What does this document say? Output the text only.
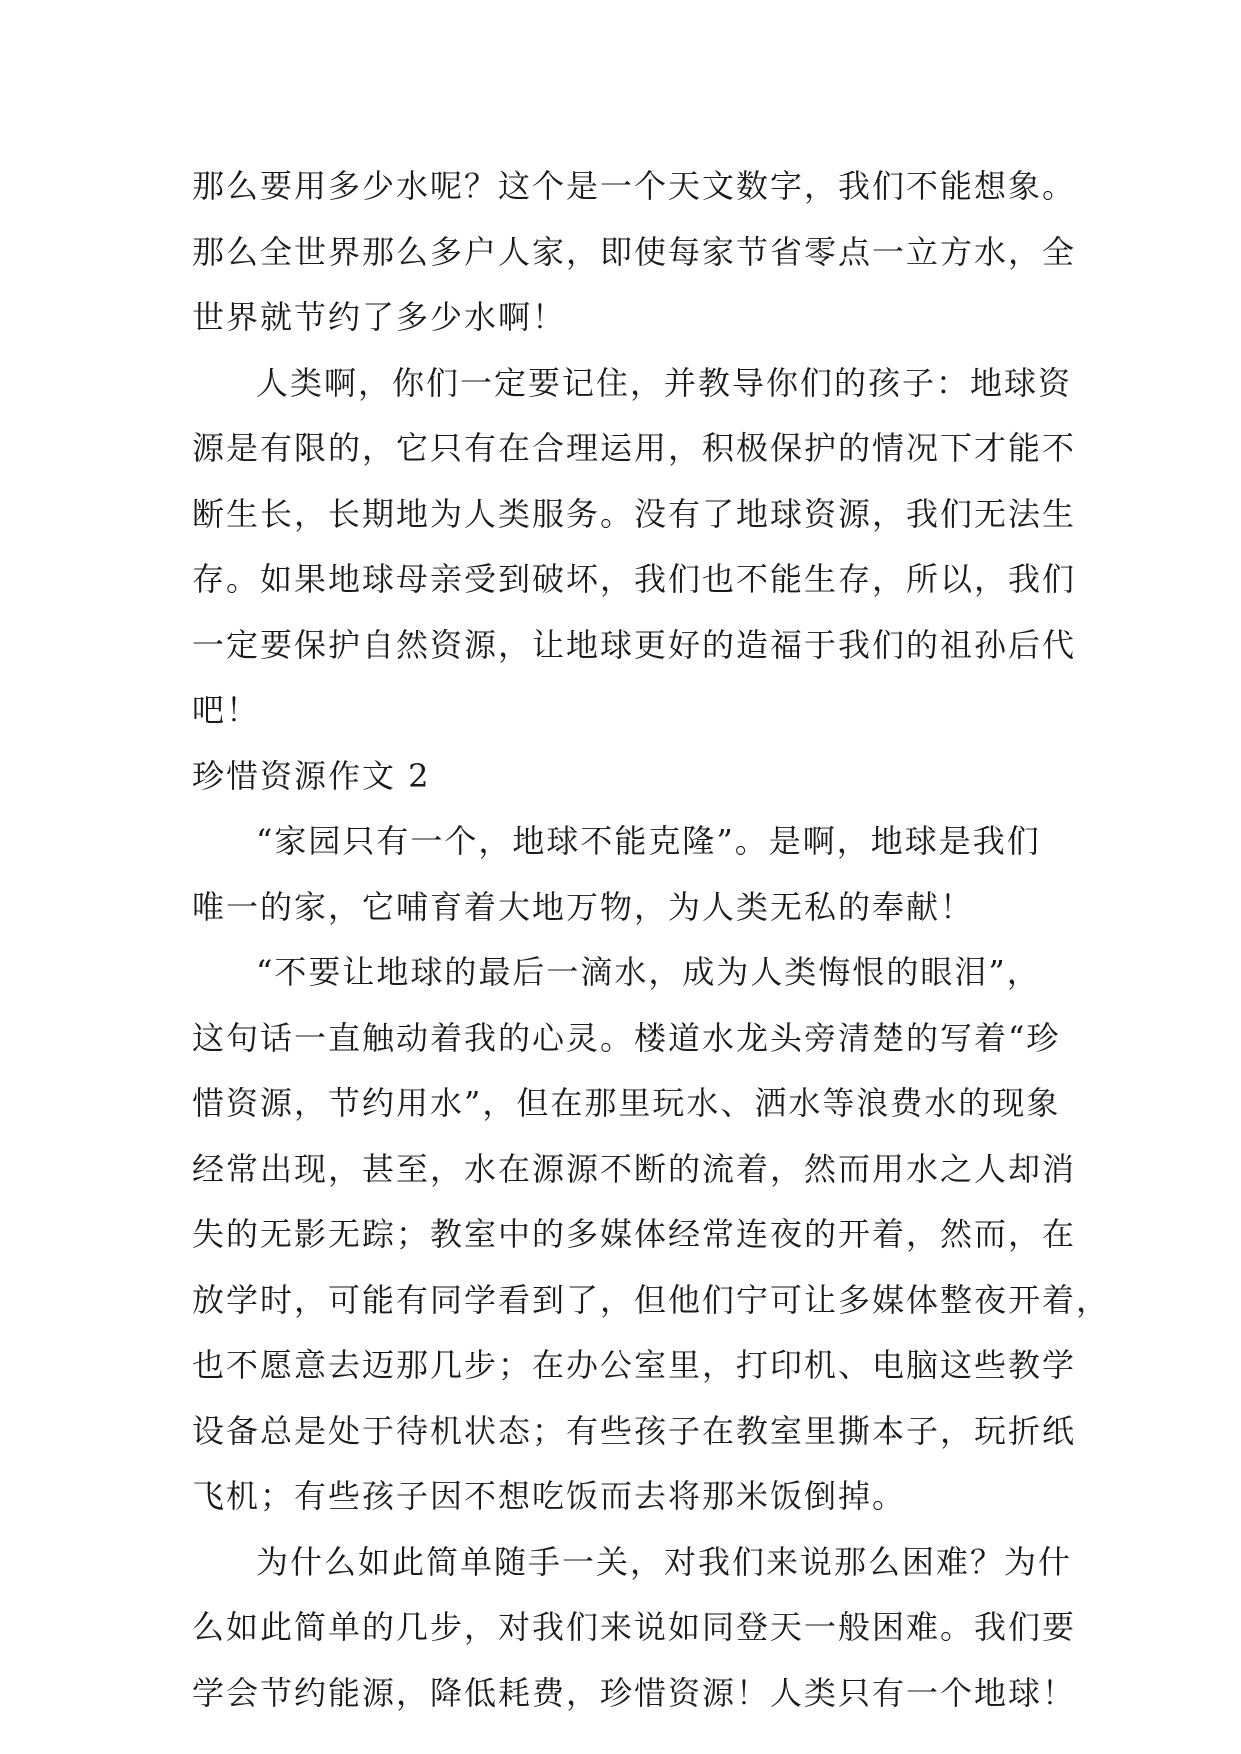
那么要用多少水呢？这个是一个天文数字，我们不能想象。

那么全世界那么多户人家，即使每家节省零点一立方水，全

世界就节约了多少水啊！

人类啊，你们一定要记住，并教导你们的孩子：地球资

源是有限的，它只有在合理运用，积极保护的情况下才能不

断生长，长期地为人类服务。没有了地球资源，我们无法生

存。如果地球母亲受到破坏，我们也不能生存，所以，我们

一定要保护自然资源，让地球更好的造福于我们的祖孙后代

吧！

珍惜资源作文 2

“家园只有一个，地球不能克隆”。是啊，地球是我们

唯一的家，它哺育着大地万物，为人类无私的奉献！

“不要让地球的最后一滴水，成为人类悔恨的眼泪”，

这句话一直触动着我的心灵。楼道水龙头旁清楚的写着“珍

惜资源，节约用水”，但在那里玩水、洒水等浪费水的现象

经常出现，甚至，水在源源不断的流着，然而用水之人却消

失的无影无踪；教室中的多媒体经常连夜的开着，然而，在

放学时，可能有同学看到了，但他们宁可让多媒体整夜开着，

也不愿意去迈那几步；在办公室里，打印机、电脑这些教学

设备总是处于待机状态；有些孩子在教室里撕本子，玩折纸

飞机；有些孩子因不想吃饭而去将那米饭倒掉。

为什么如此简单随手一关，对我们来说那么困难？为什

么如此简单的几步，对我们来说如同登天一般困难。我们要

学会节约能源，降低耗费，珍惜资源！人类只有一个地球！
